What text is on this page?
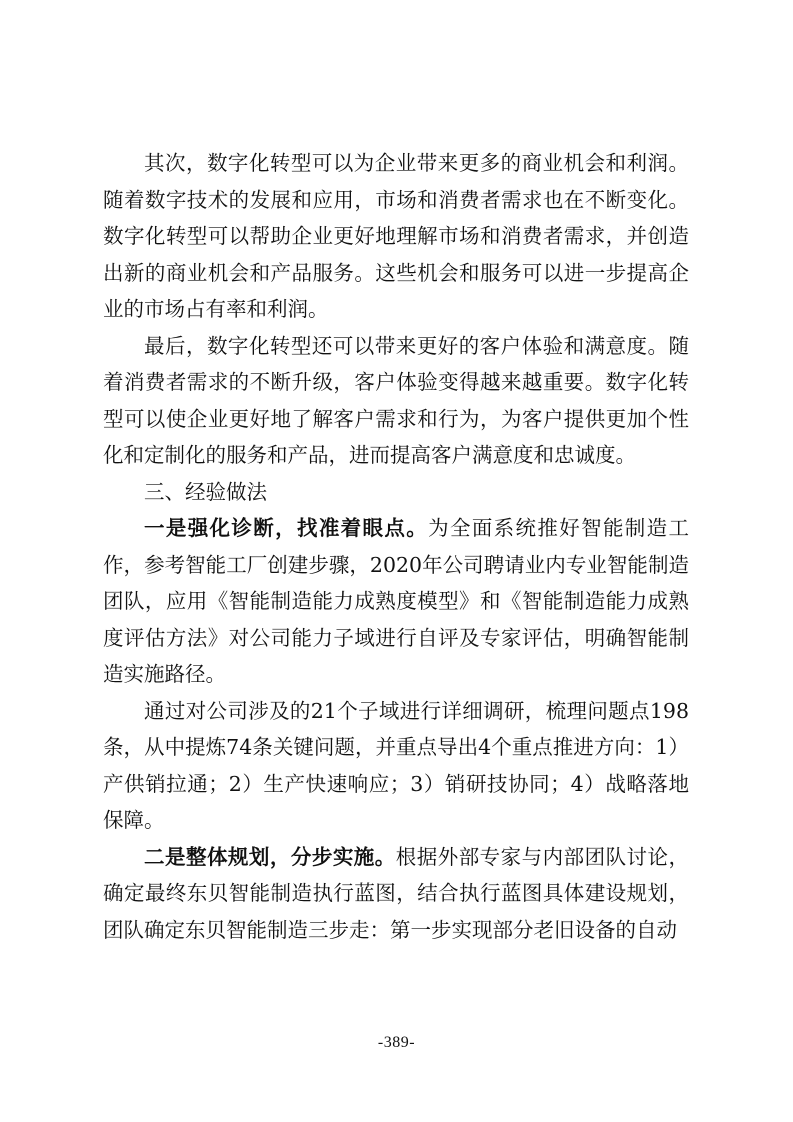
其次，数字化转型可以为企业带来更多的商业机会和利润。随着数字技术的发展和应用，市场和消费者需求也在不断变化。数字化转型可以帮助企业更好地理解市场和消费者需求，并创造出新的商业机会和产品服务。这些机会和服务可以进一步提高企业的市场占有率和利润。

最后，数字化转型还可以带来更好的客户体验和满意度。随着消费者需求的不断升级，客户体验变得越来越重要。数字化转型可以使企业更好地了解客户需求和行为，为客户提供更加个性化和定制化的服务和产品，进而提高客户满意度和忠诚度。

三、经验做法

一是强化诊断，找准着眼点。为全面系统推好智能制造工作，参考智能工厂创建步骤，2020年公司聘请业内专业智能制造团队，应用《智能制造能力成熟度模型》和《智能制造能力成熟度评估方法》对公司能力子域进行自评及专家评估，明确智能制造实施路径。

通过对公司涉及的21个子域进行详细调研，梳理问题点198条，从中提炼74条关键问题，并重点导出4个重点推进方向：1）产供销拉通；2）生产快速响应；3）销研技协同；4）战略落地保障。

二是整体规划，分步实施。根据外部专家与内部团队讨论，确定最终东贝智能制造执行蓝图，结合执行蓝图具体建设规划，团队确定东贝智能制造三步走：第一步实现部分老旧设备的自动

-389-
